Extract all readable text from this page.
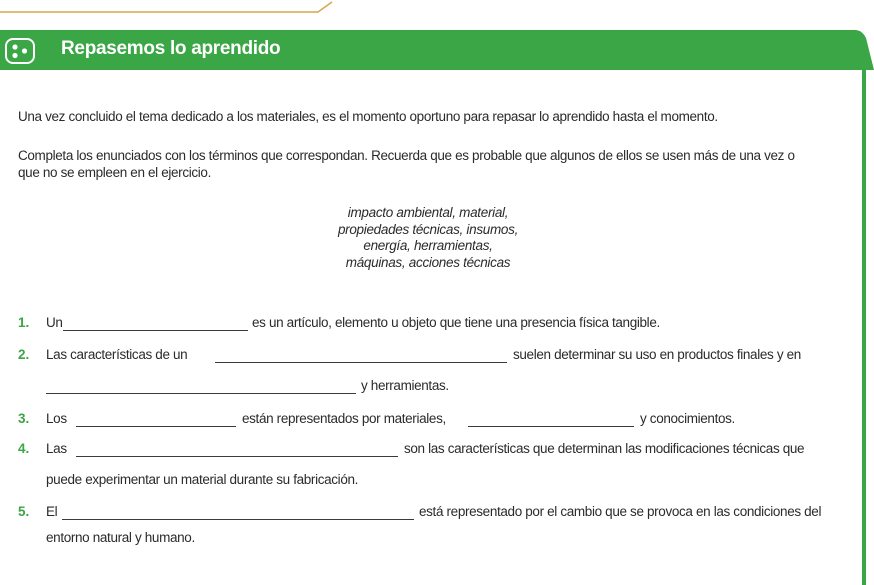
Repasemos lo aprendido
Una vez concluido el tema dedicado a los materiales, es el momento oportuno para repasar lo aprendido hasta el momento.
Completa los enunciados con los términos que correspondan. Recuerda que es probable que algunos de ellos se usen más de una vez o
que no se empleen en el ejercicio.
impacto ambiental, material,
propiedades técnicas, insumos,
energía, herramientas,
máquinas, acciones técnicas
1. Un	es un artículo, elemento u objeto que tiene una presencia física tangible.
2. Las características de un	suelen determinar su uso en productos finales y en
y herramientas.
3. Los	están representados por materiales,	y conocimientos.
4. Las	son las características que determinan las modificaciones técnicas que
puede experimentar un material durante su fabricación.
5. El	está representado por el cambio que se provoca en las condiciones del
entorno natural y humano.
